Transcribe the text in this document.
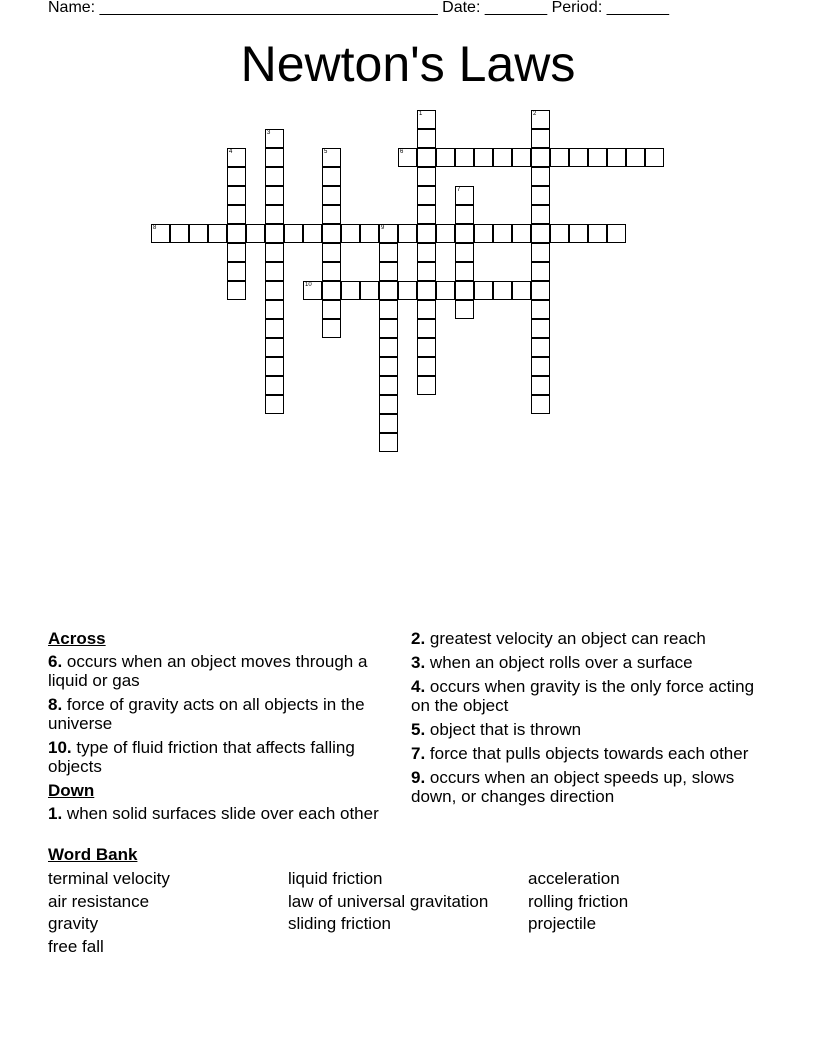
Name: ______________________________________ Date: _______ Period: _______
Newton's Laws
1	2
3
4	5	6
7
8	9
10
Across
6. occurs when an object moves through a liquid or gas
8. force of gravity acts on all objects in the universe
10. type of fluid friction that affects falling objects
Down
1. when solid surfaces slide over each other
2. greatest velocity an object can reach
3. when an object rolls over a surface
4. occurs when gravity is the only force acting on the object
5. object that is thrown
7. force that pulls objects towards each other
9. occurs when an object speeds up, slows down, or changes direction
Word Bank
terminal velocity
air resistance
gravity
free fall
liquid friction
law of universal gravitation
sliding friction
acceleration
rolling friction
projectile
